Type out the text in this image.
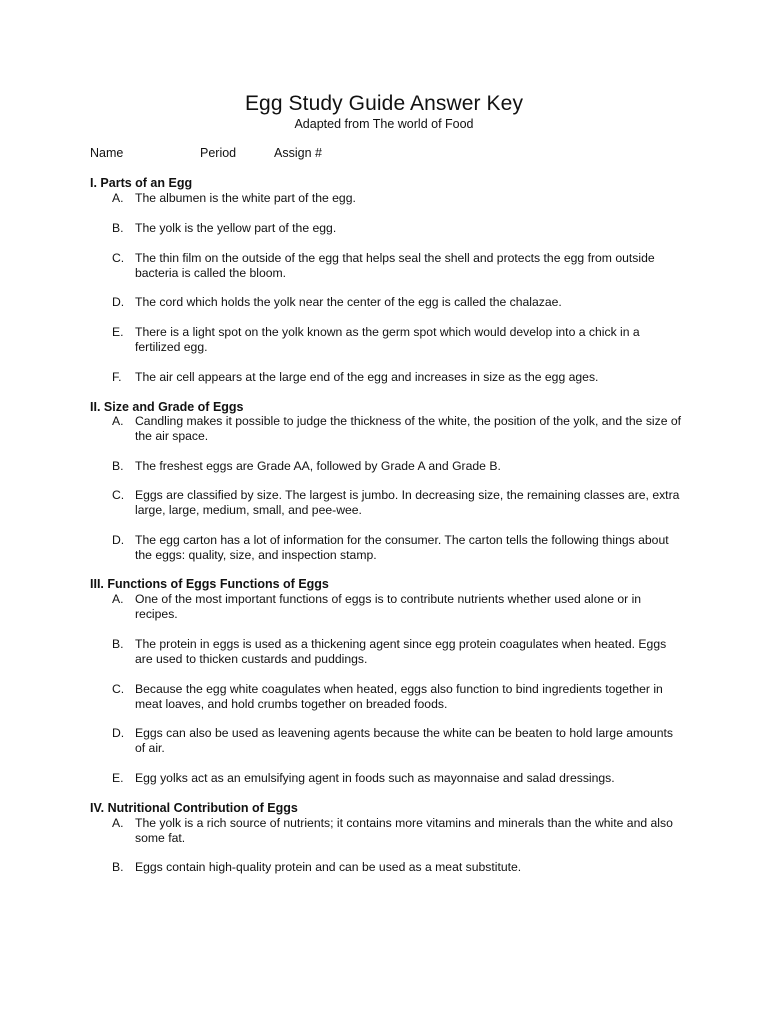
Egg Study Guide Answer Key
Adapted from The world of Food
Name	Period	Assign #
I. Parts of an Egg
A. The albumen is the white part of the egg.
B. The yolk is the yellow part of the egg.
C. The thin film on the outside of the egg that helps seal the shell and protects the egg from outside bacteria is called the bloom.
D. The cord which holds the yolk near the center of the egg is called the chalazae.
E. There is a light spot on the yolk known as the germ spot which would develop into a chick in a fertilized egg.
F. The air cell appears at the large end of the egg and increases in size as the egg ages.
II. Size and Grade of Eggs
A. Candling makes it possible to judge the thickness of the white, the position of the yolk, and the size of the air space.
B. The freshest eggs are Grade AA, followed by Grade A and Grade B.
C. Eggs are classified by size. The largest is jumbo. In decreasing size, the remaining classes are, extra large, large, medium, small, and pee-wee.
D. The egg carton has a lot of information for the consumer. The carton tells the following things about the eggs: quality, size, and inspection stamp.
III. Functions of Eggs Functions of Eggs
A. One of the most important functions of eggs is to contribute nutrients whether used alone or in recipes.
B. The protein in eggs is used as a thickening agent since egg protein coagulates when heated. Eggs are used to thicken custards and puddings.
C. Because the egg white coagulates when heated, eggs also function to bind ingredients together in meat loaves, and hold crumbs together on breaded foods.
D. Eggs can also be used as leavening agents because the white can be beaten to hold large amounts of air.
E. Egg yolks act as an emulsifying agent in foods such as mayonnaise and salad dressings.
IV. Nutritional Contribution of Eggs
A. The yolk is a rich source of nutrients; it contains more vitamins and minerals than the white and also some fat.
B. Eggs contain high-quality protein and can be used as a meat substitute.
